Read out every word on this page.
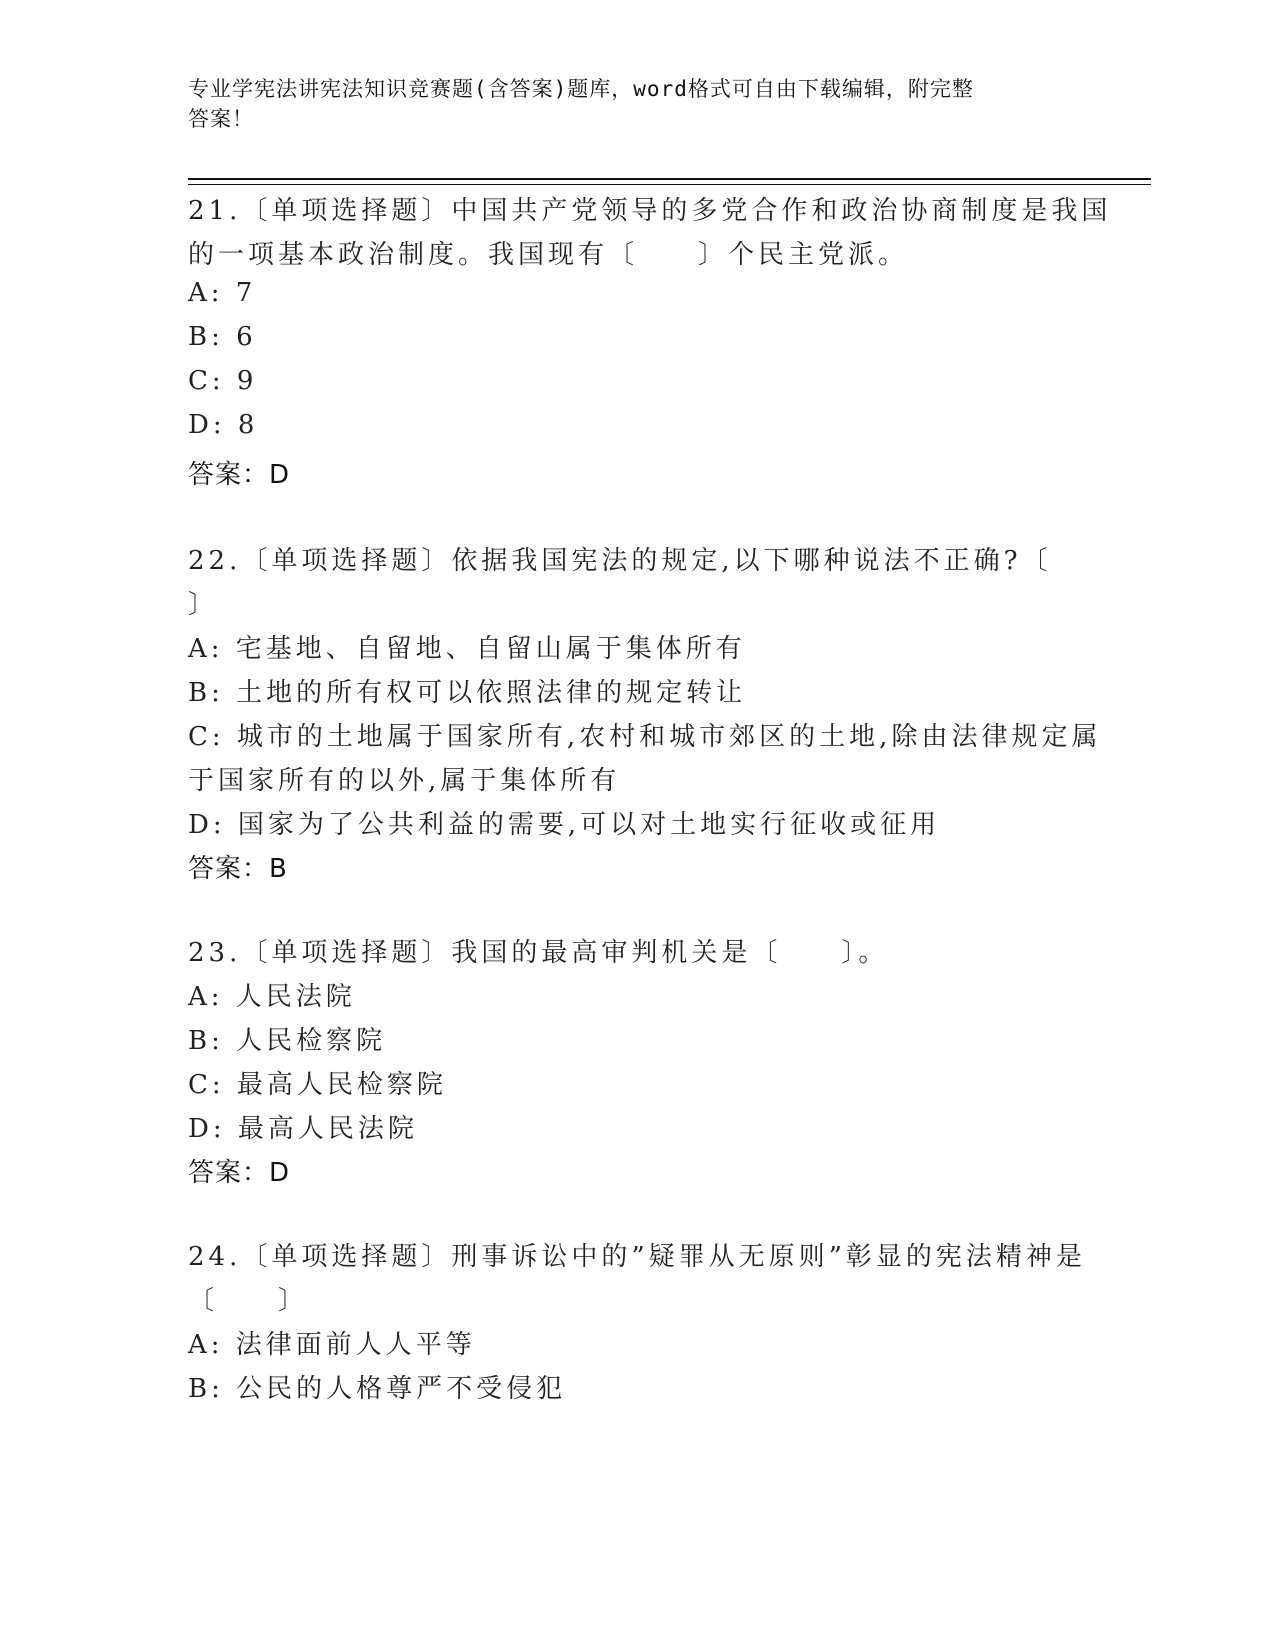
专业学宪法讲宪法知识竞赛题(含答案)题库，word格式可自由下载编辑，附完整
答案！
21.〔单项选择题〕中国共产党领导的多党合作和政治协商制度是我国
的一项基本政治制度。我国现有〔　　〕个民主党派。
A: 7
B: 6
C: 9
D: 8
答案：D
22.〔单项选择题〕依据我国宪法的规定,以下哪种说法不正确?〔
〕
A: 宅基地、自留地、自留山属于集体所有
B: 土地的所有权可以依照法律的规定转让
C: 城市的土地属于国家所有,农村和城市郊区的土地,除由法律规定属
于国家所有的以外,属于集体所有
D: 国家为了公共利益的需要,可以对土地实行征收或征用
答案：B
23.〔单项选择题〕我国的最高审判机关是〔　　〕。
A: 人民法院
B: 人民检察院
C: 最高人民检察院
D: 最高人民法院
答案：D
24.〔单项选择题〕刑事诉讼中的”疑罪从无原则”彰显的宪法精神是
〔　　〕
A: 法律面前人人平等
B: 公民的人格尊严不受侵犯
